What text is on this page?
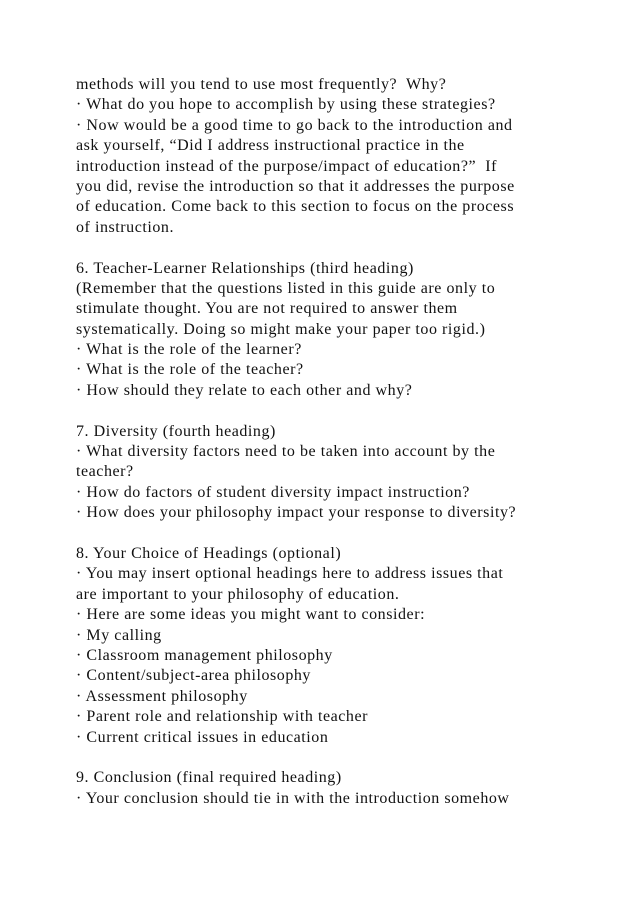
methods will you tend to use most frequently?  Why?
· What do you hope to accomplish by using these strategies?
· Now would be a good time to go back to the introduction and
ask yourself, “Did I address instructional practice in the
introduction instead of the purpose/impact of education?”  If
you did, revise the introduction so that it addresses the purpose
of education. Come back to this section to focus on the process
of instruction.
6. Teacher-Learner Relationships (third heading)
(Remember that the questions listed in this guide are only to
stimulate thought. You are not required to answer them
systematically. Doing so might make your paper too rigid.)
· What is the role of the learner?
· What is the role of the teacher?
· How should they relate to each other and why?
7. Diversity (fourth heading)
· What diversity factors need to be taken into account by the
teacher?
· How do factors of student diversity impact instruction?
· How does your philosophy impact your response to diversity?
8. Your Choice of Headings (optional)
· You may insert optional headings here to address issues that
are important to your philosophy of education.
· Here are some ideas you might want to consider:
· My calling
· Classroom management philosophy
· Content/subject-area philosophy
· Assessment philosophy
· Parent role and relationship with teacher
· Current critical issues in education
9. Conclusion (final required heading)
· Your conclusion should tie in with the introduction somehow
